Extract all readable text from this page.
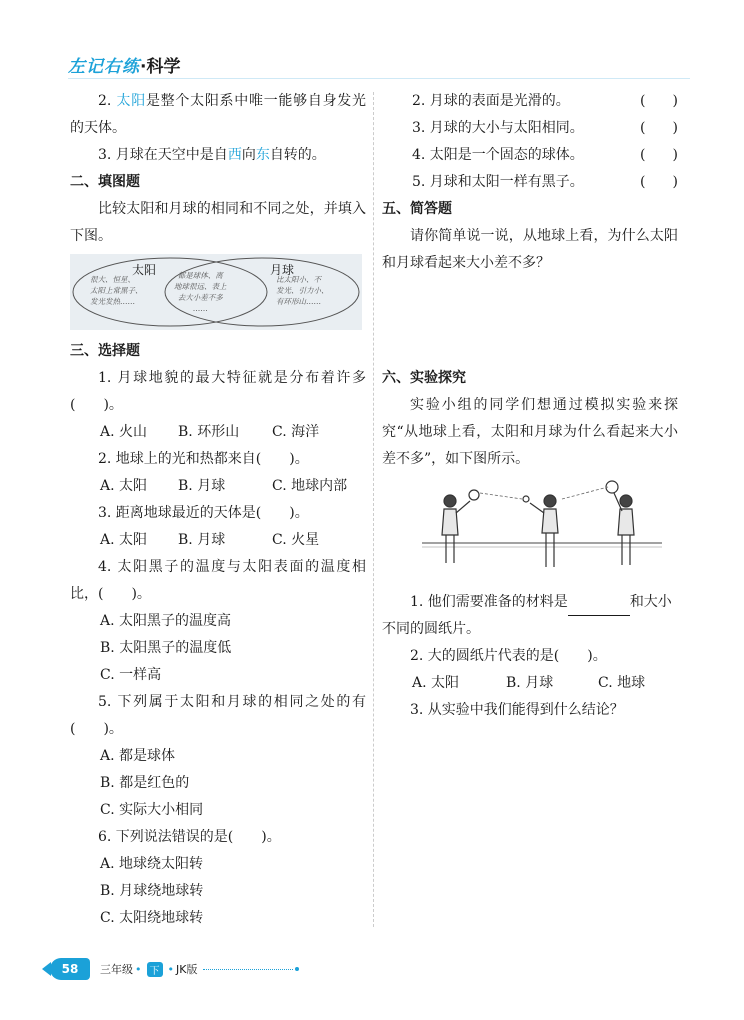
左记右练·科学

2. 太阳是整个太阳系中唯一能够自身发光的天体。

3. 月球在天空中是自西向东自转的。

二、填图题

比较太阳和月球的相同和不同之处，并填入下图。

太阳	月球
很大、恒星、
太阳上常黑子、
发光发热……
都是球体、离
地球很远、表上
去大小差不多
……
比太阳小、不
发光、引力小、
有环形山……

三、选择题

1. 月球地貌的最大特征就是分布着许多(　　)。

A. 火山	B. 环形山	C. 海洋

2. 地球上的光和热都来自(　　)。

A. 太阳	B. 月球	C. 地球内部

3. 距离地球最近的天体是(　　)。

A. 太阳	B. 月球	C. 火星

4. 太阳黑子的温度与太阳表面的温度相比，(　　)。

A. 太阳黑子的温度高

B. 太阳黑子的温度低

C. 一样高

5. 下列属于太阳和月球的相同之处的有(　　)。

A. 都是球体

B. 都是红色的

C. 实际大小相同

6. 下列说法错误的是(　　)。

A. 地球绕太阳转

B. 月球绕地球转

C. 太阳绕地球转

2. 月球的表面是光滑的。	( )
3. 月球的大小与太阳相同。	( )
4. 太阳是一个固态的球体。	( )
5. 月球和太阳一样有黑子。	( )

五、简答题

请你简单说一说，从地球上看，为什么太阳和月球看起来大小差不多？

六、实验探究

实验小组的同学们想通过模拟实验来探究“从地球上看，太阳和月球为什么看起来大小差不多”，如下图所示。

1. 他们需要准备的材料是	和大小不同的圆纸片。

2. 大的圆纸片代表的是(　　)。

A. 太阳	B. 月球	C. 地球

3. 从实验中我们能得到什么结论？

58	三年级 • 下 • JK版
